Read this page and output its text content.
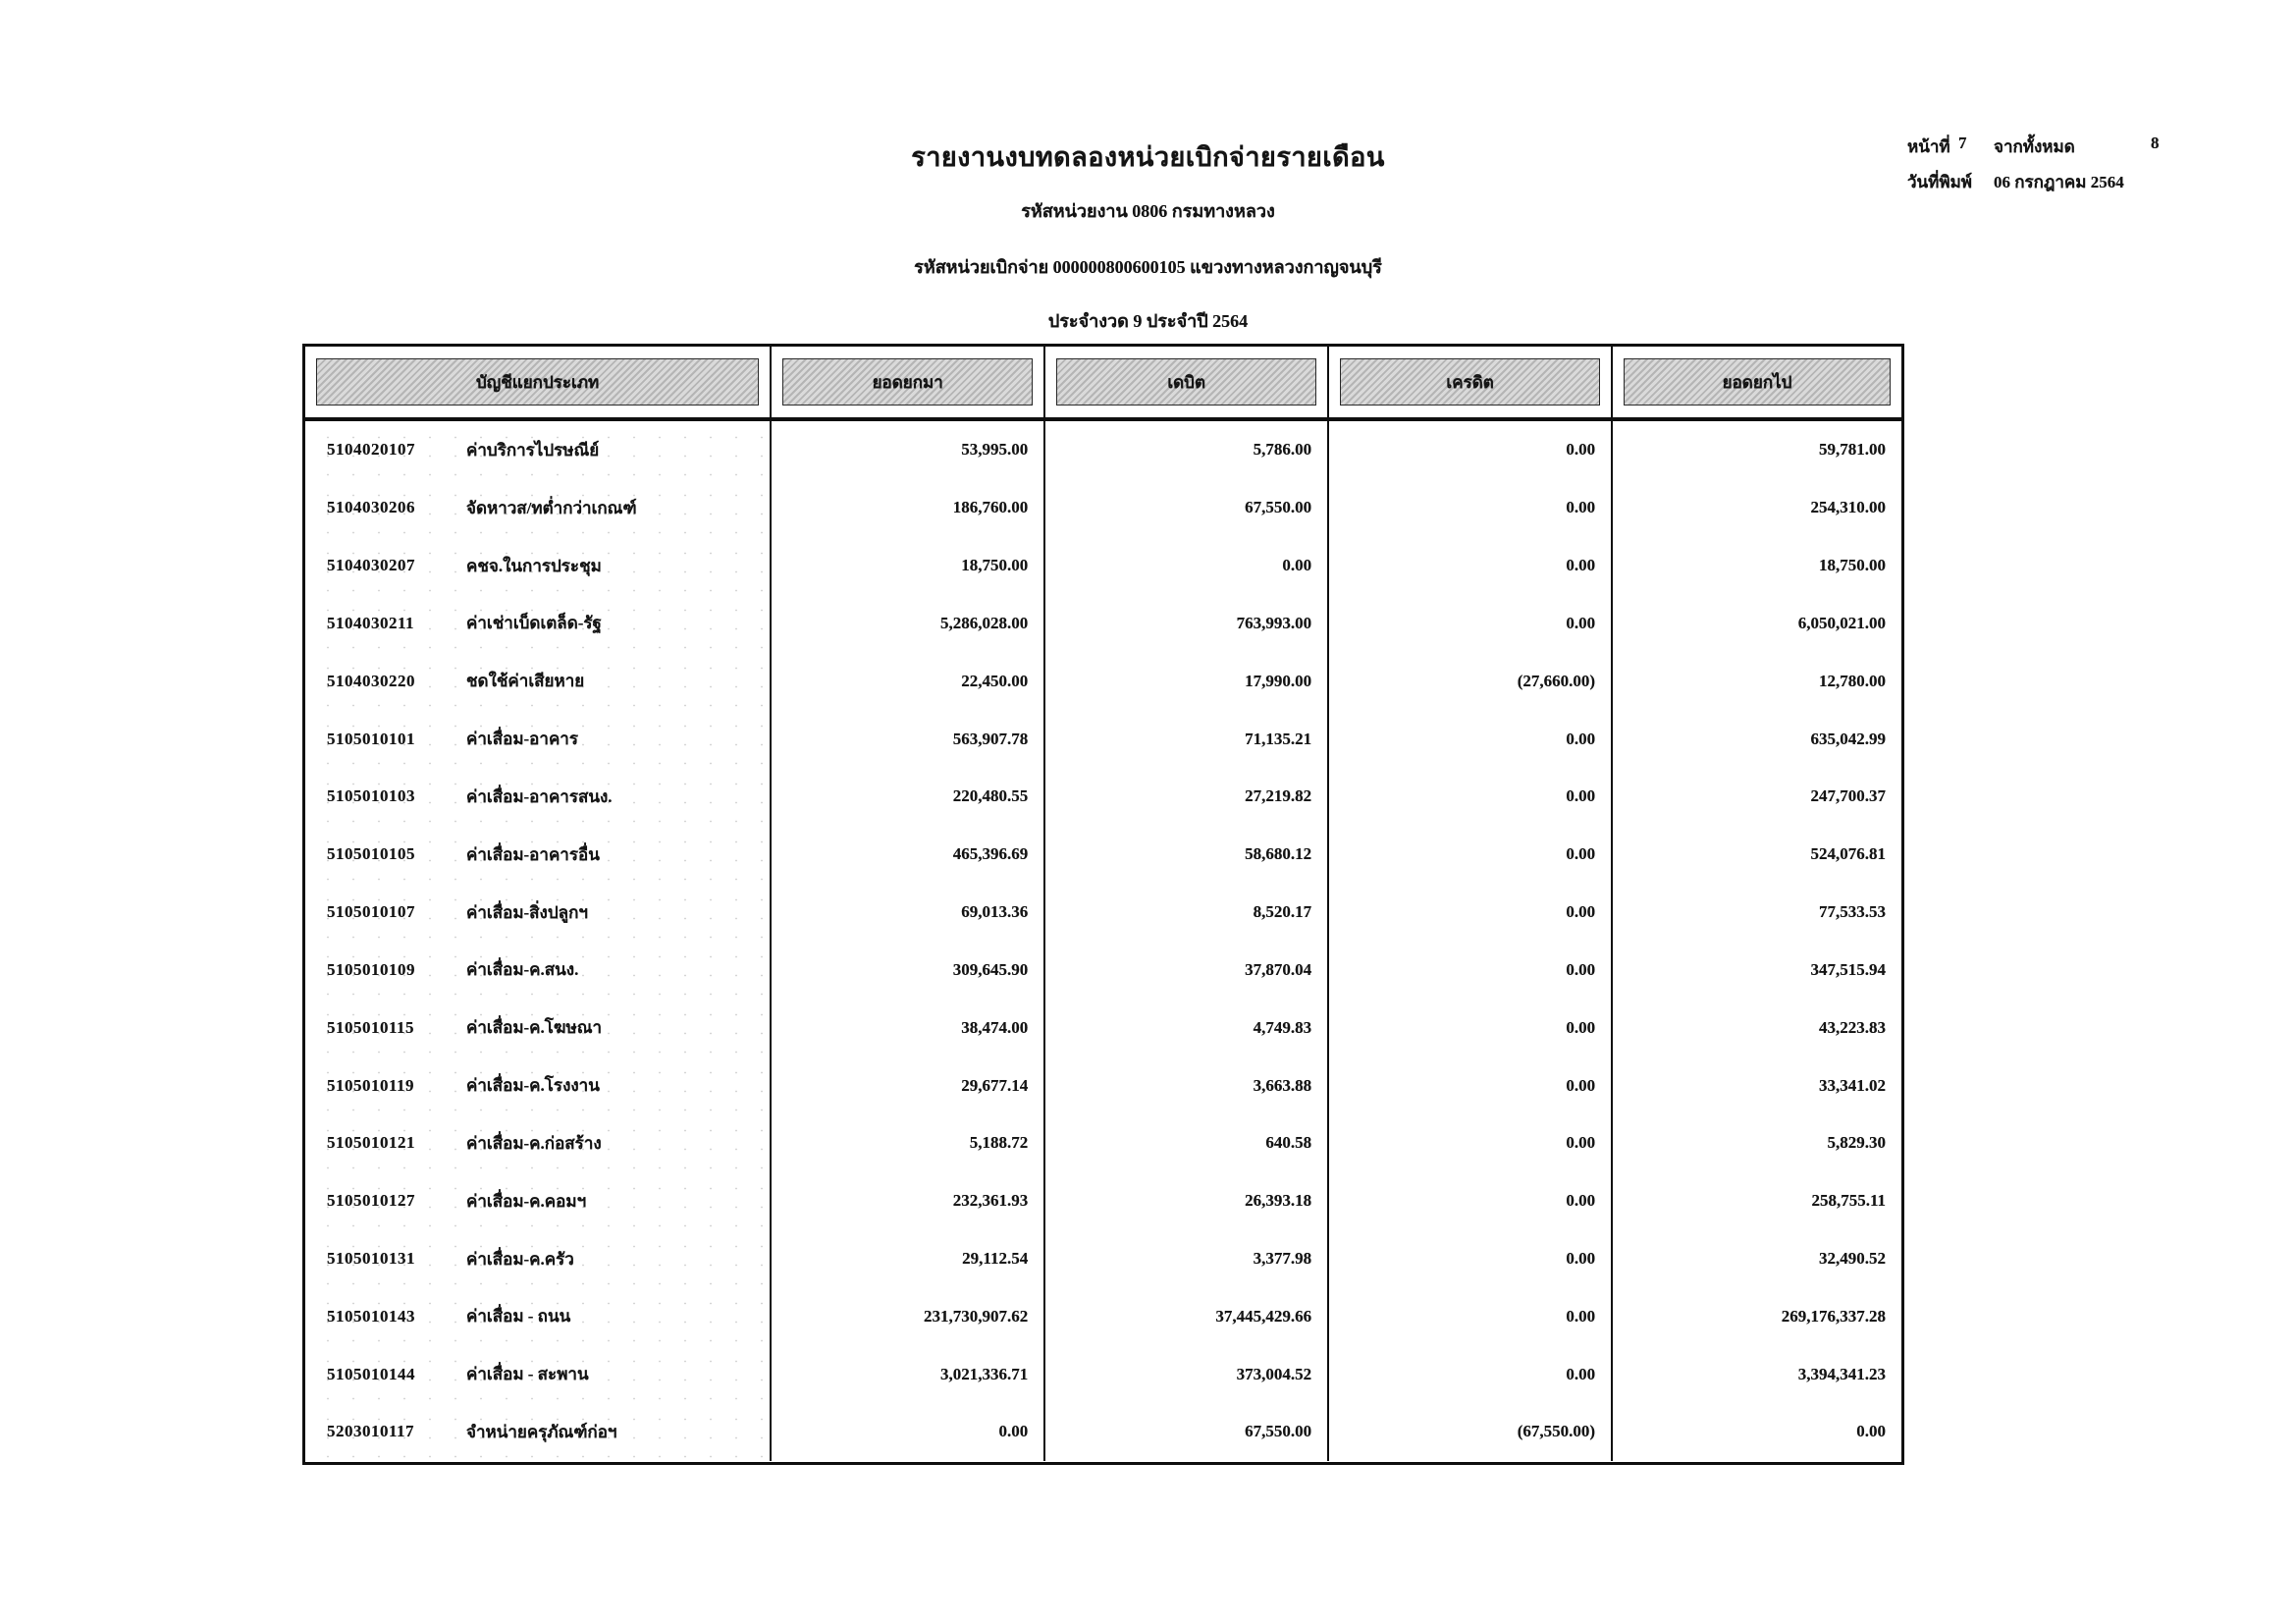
รายงานงบทดลองหน่วยเบิกจ่ายรายเดือน
รหัสหน่วยงาน 0806 กรมทางหลวง
รหัสหน่วยเบิกจ่าย 000000800600105 แขวงทางหลวงกาญจนบุรี
ประจำงวด 9 ประจำปี 2564
หน้าที่ 7 จากทั้งหมด	8
วันที่พิมพ์ 06 กรกฎาคม 2564
บัญชีแยกประเภท	ยอดยกมา	เดบิต	เครดิต	ยอดยกไป
5104020107	ค่าบริการไปรษณีย์	53,995.00	5,786.00	0.00	59,781.00
5104030206	จัดหาวส/ทต่ำกว่าเกณฑ์	186,760.00	67,550.00	0.00	254,310.00
5104030207	คชจ.ในการประชุม	18,750.00	0.00	0.00	18,750.00
5104030211	ค่าเช่าเบ็ดเตล็ด-รัฐ	5,286,028.00	763,993.00	0.00	6,050,021.00
5104030220	ชดใช้ค่าเสียหาย	22,450.00	17,990.00	(27,660.00)	12,780.00
5105010101	ค่าเสื่อม-อาคาร	563,907.78	71,135.21	0.00	635,042.99
5105010103	ค่าเสื่อม-อาคารสนง.	220,480.55	27,219.82	0.00	247,700.37
5105010105	ค่าเสื่อม-อาคารอื่น	465,396.69	58,680.12	0.00	524,076.81
5105010107	ค่าเสื่อม-สิ่งปลูกฯ	69,013.36	8,520.17	0.00	77,533.53
5105010109	ค่าเสื่อม-ค.สนง.	309,645.90	37,870.04	0.00	347,515.94
5105010115	ค่าเสื่อม-ค.โฆษณา	38,474.00	4,749.83	0.00	43,223.83
5105010119	ค่าเสื่อม-ค.โรงงาน	29,677.14	3,663.88	0.00	33,341.02
5105010121	ค่าเสื่อม-ค.ก่อสร้าง	5,188.72	640.58	0.00	5,829.30
5105010127	ค่าเสื่อม-ค.คอมฯ	232,361.93	26,393.18	0.00	258,755.11
5105010131	ค่าเสื่อม-ค.ครัว	29,112.54	3,377.98	0.00	32,490.52
5105010143	ค่าเสื่อม - ถนน	231,730,907.62	37,445,429.66	0.00	269,176,337.28
5105010144	ค่าเสื่อม - สะพาน	3,021,336.71	373,004.52	0.00	3,394,341.23
5203010117	จำหน่ายครุภัณฑ์ก่อฯ	0.00	67,550.00	(67,550.00)	0.00
